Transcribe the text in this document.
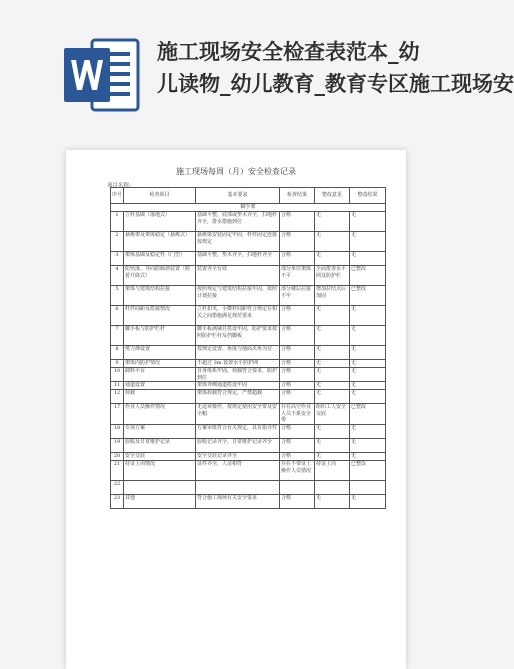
施工现场安全检查表范本_幼
儿读物_幼儿教育_教育专区施工现场安
施工现场每周（月）安全检查记录
项目名称：
序号	检查项目	基本要求	检查结果	整改意见	整改结果
脚手架					
1	立杆基础（落地式）	基础平整，底部或垫木齐全，扫地杆齐全，排水措施到位	合格	无	无
2	悬挑架及架体稳定（悬挑式）	悬挑梁安装固定牢固，杆件固定连接按规定	合格	无	无
3	架体基础及稳定性（门型）	基础平整，垫木齐全，扫地杆齐全	合格	无	无
4	防坠落、导向防倾斜装置（附着升降式）	装置齐全有效	部分单位架体不平	全面排查水平网及防护栏	已整改
5	架体与建筑结构拉接	按照规定与建筑结构拉接牢固，按照计划拉接	部分楼层拉接不牢	增加拉结点后加固	已整改
6	杆件间距及搭接情况	立杆扣夹，小横杆间距符合规定在相关之间措施满足规范要求	合格	无	无
7	脚手板与防护栏杆	脚手板满铺且搭设牢固，防护要求按照防护栏杆及挡脚板	合格	无	无
8	剪力撑设置	按规定设置，角度与地面夹角为宜	合格	无	无
9	架体内防护情况	不超过 3m 设置水平防护网	合格	无	无
10	卸料平台	自身体系牢固，荷载符合要求，防护到位	合格	无	无
11	通道设置	架体外侧通道搭设牢固	合格	无	无
12	荷载	架体荷载符合规定，严禁超载	合格	无	无
17	作业人员操作情况	无违章操作，按规定使用安全带及安全帽	存在高空作业人员不系安全带	组织工人安全交底	已整改
18	专项方案	方案审批符合有关规定，具有指导性	合格	无	无
19	验收及日常维护记录	验收记录齐全，日常维护记录齐全	合格	无	无
20	安全交底	安全交底记录齐全	合格	无	无
21	持证上岗情况	证件齐全，人证相符	存在不带证上操作人员情况	持证上岗	已整改
22					
23	其他	符合施工现场有关安全要求	合格	无	无
